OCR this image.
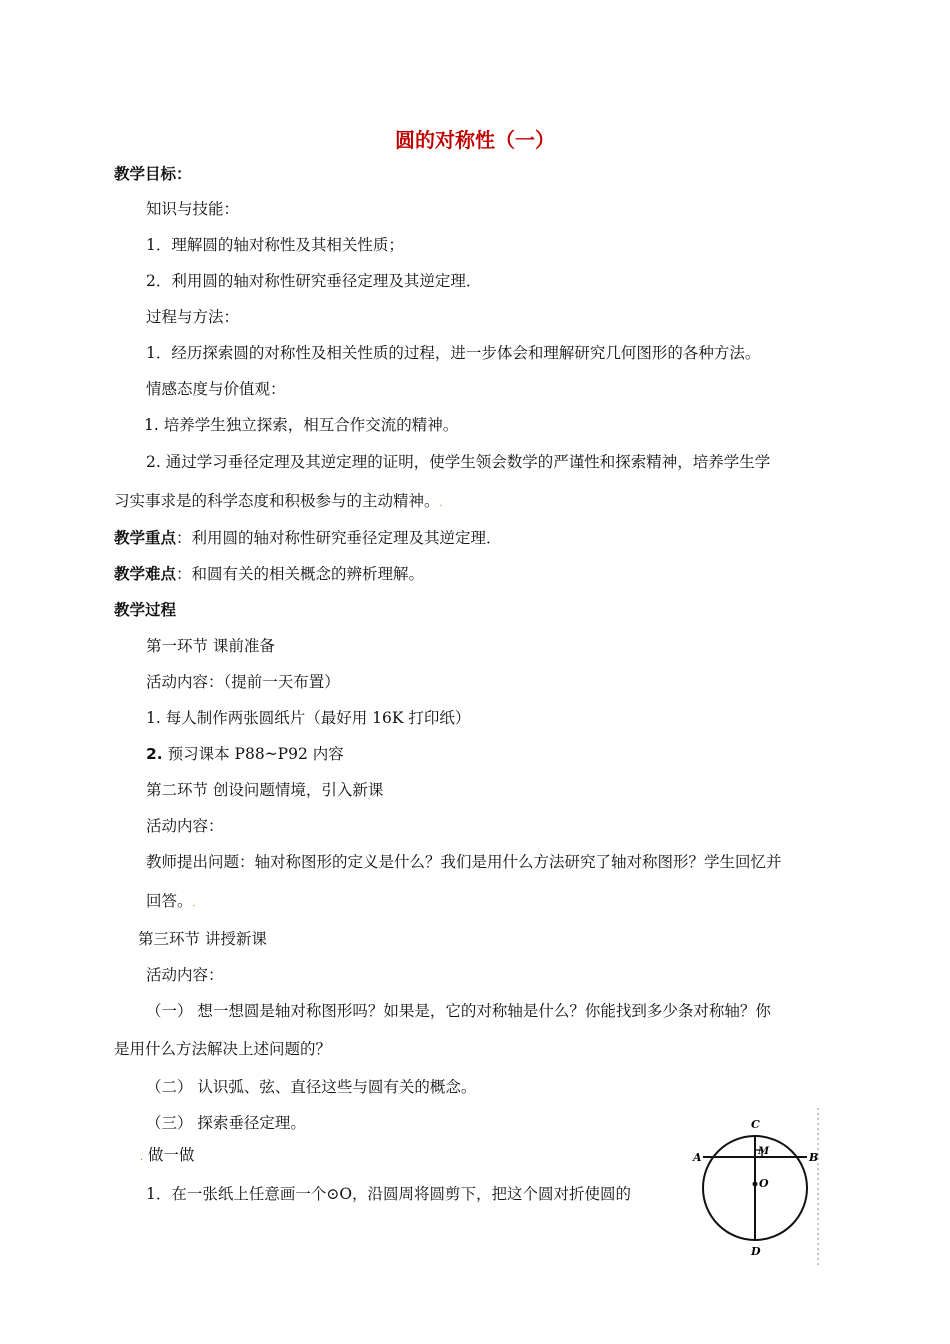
圆的对称性（一）
教学目标：
知识与技能：
1．理解圆的轴对称性及其相关性质；
2．利用圆的轴对称性研究垂径定理及其逆定理．
过程与方法：
1．经历探索圆的对称性及相关性质的过程，进一步体会和理解研究几何图形的各种方法。
情感态度与价值观：
1. 培养学生独立探索，相互合作交流的精神。
2. 通过学习垂径定理及其逆定理的证明，使学生领会数学的严谨性和探索精神，培养学生学
习实事求是的科学态度和积极参与的主动精神。.
教学重点：利用圆的轴对称性研究垂径定理及其逆定理．
教学难点：和圆有关的相关概念的辨析理解。
教学过程
第一环节 课前准备
活动内容：（提前一天布置）
1. 每人制作两张圆纸片（最好用 16K 打印纸）
2. 预习课本 P88~P92 内容
第二环节 创设问题情境，引入新课
活动内容：
教师提出问题：轴对称图形的定义是什么？我们是用什么方法研究了轴对称图形？学生回忆并
回答。.
第三环节 讲授新课
活动内容：
（一） 想一想圆是轴对称图形吗？如果是，它的对称轴是什么？你能找到多少条对称轴？你
是用什么方法解决上述问题的？
（二） 认识弧、弦、直径这些与圆有关的概念。
（三） 探索垂径定理。
. 做一做
1．在一张纸上任意画一个⊙O，沿圆周将圆剪下，把这个圆对折使圆的
C
M
A	B
O
D
